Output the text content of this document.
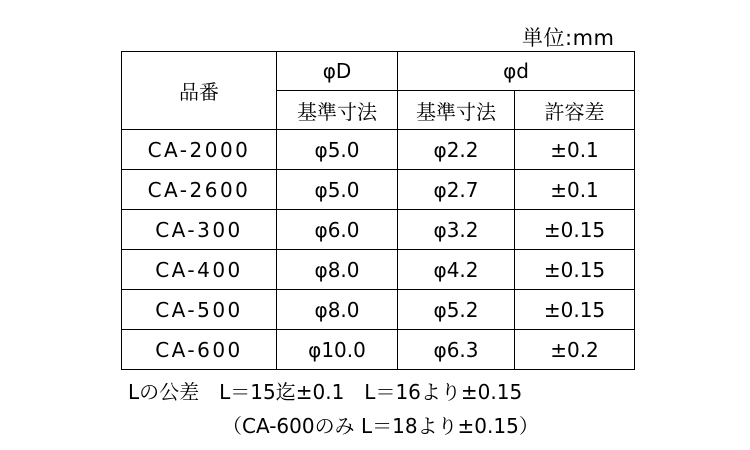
単位:mm
品番	φD	φd	
	基準寸法	基準寸法	許容差
CA-2000	φ5.0	φ2.2	±0.1
CA-2600	φ5.0	φ2.7	±0.1
CA-300	φ6.0	φ3.2	±0.15
CA-400	φ8.0	φ4.2	±0.15
CA-500	φ8.0	φ5.2	±0.15
CA-600	φ10.0	φ6.3	±0.2
Lの公差　L＝15迄±0.1　L＝16より±0.15
（CA-600のみ L＝18より±0.15）
